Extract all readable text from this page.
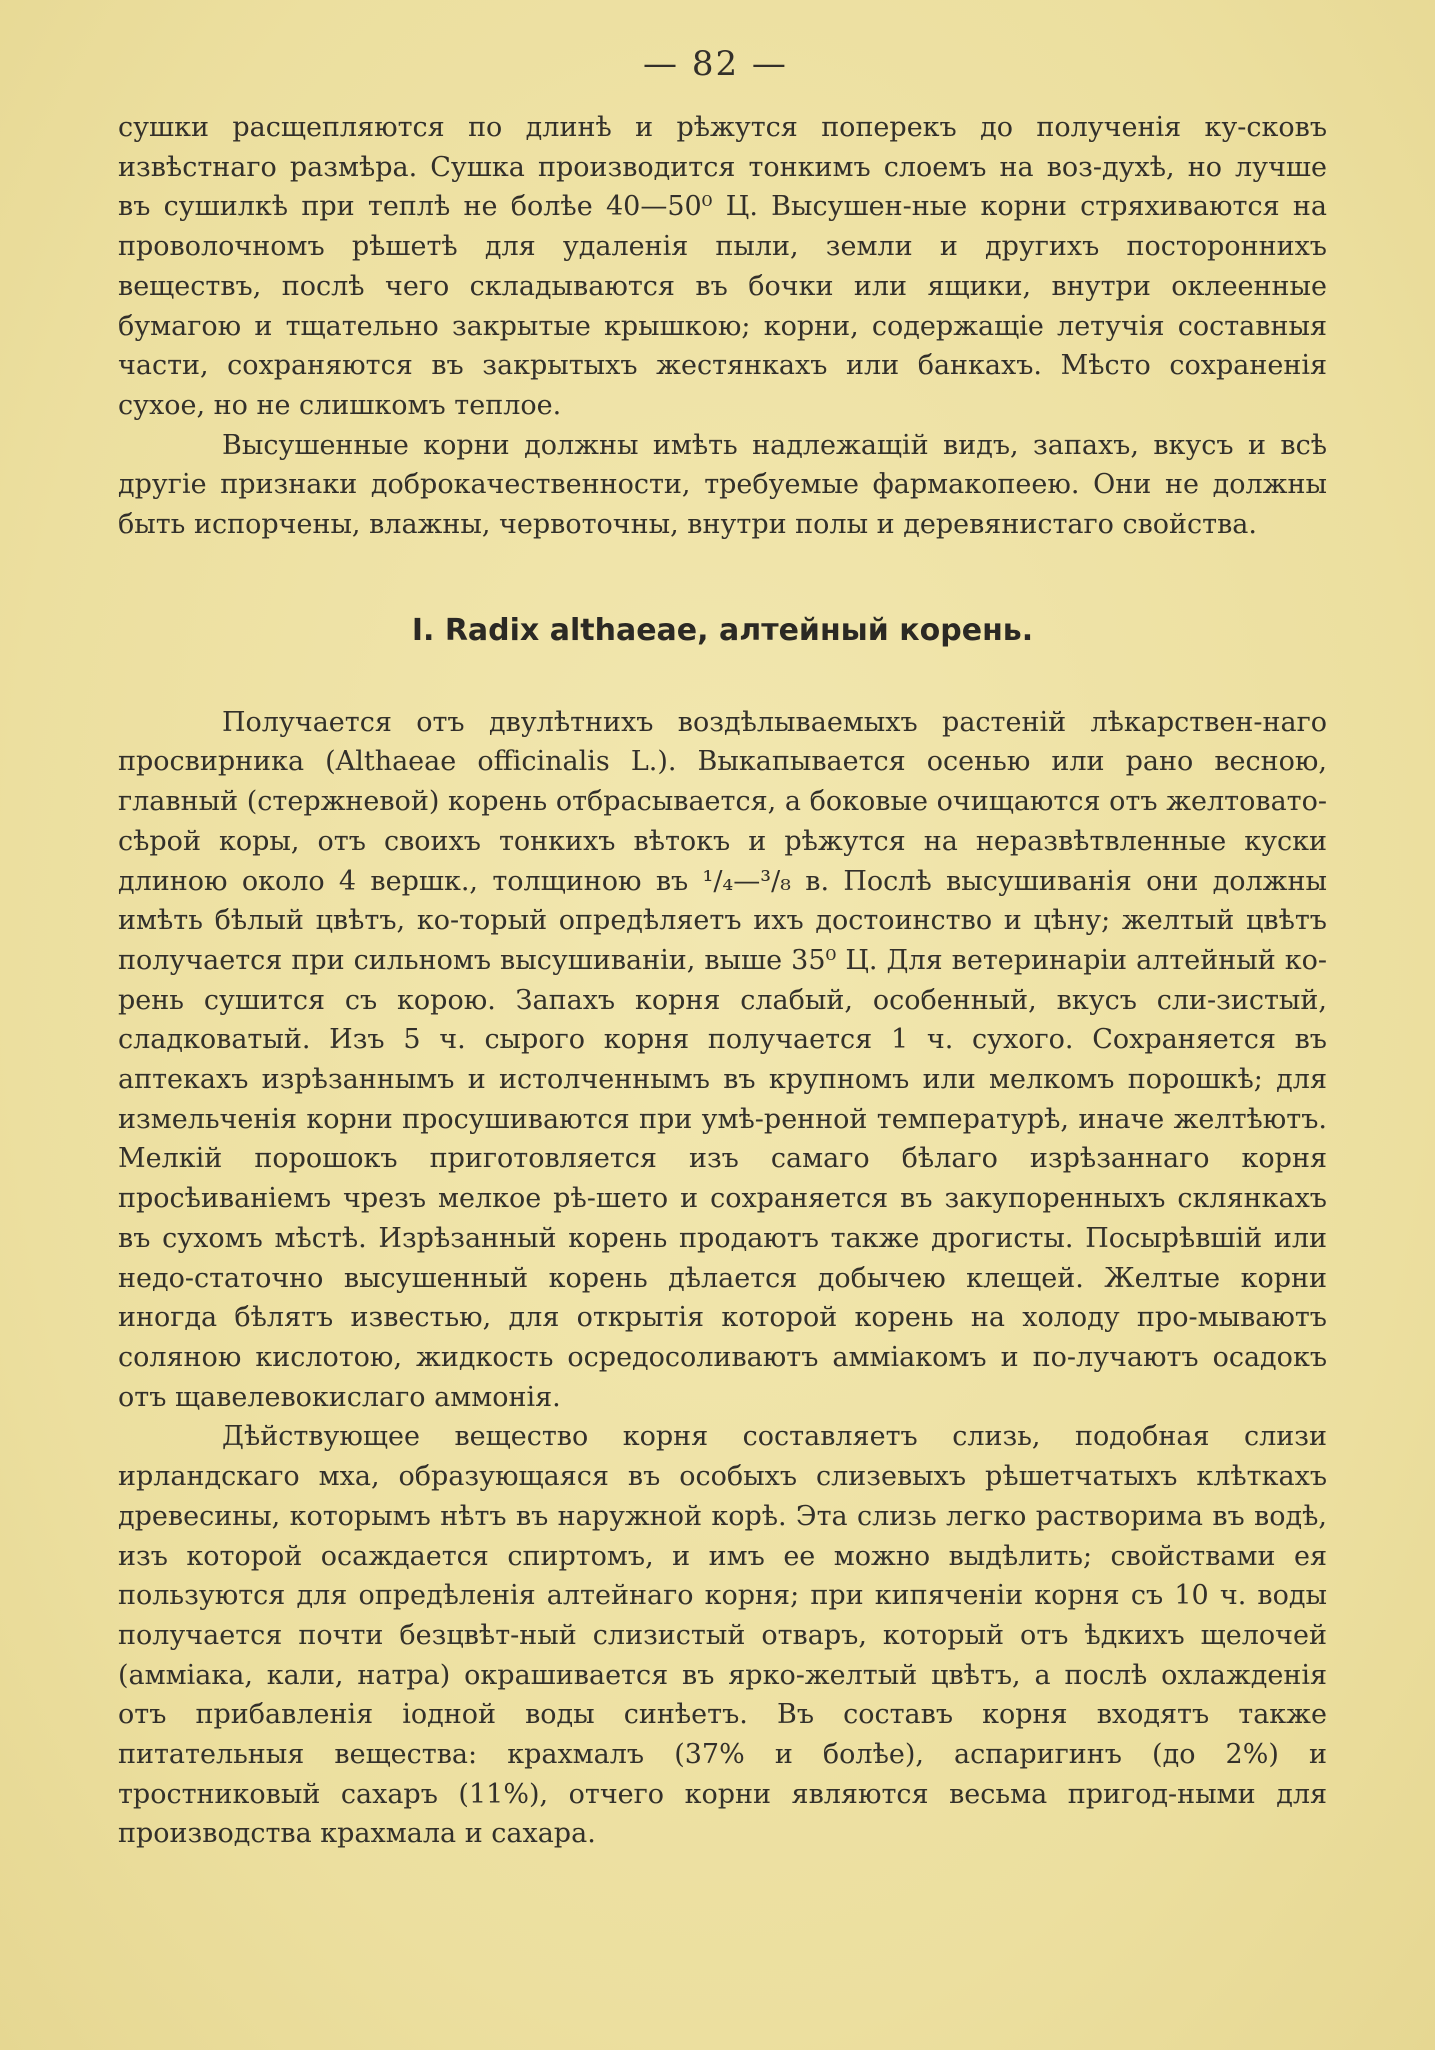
— 82 —

сушки расщепляются по длинѣ и рѣжутся поперекъ до полученія ку-сковъ извѣстнаго размѣра. Сушка производится тонкимъ слоемъ на воз-духѣ, но лучше въ сушилкѣ при теплѣ не болѣе 40—50⁰ Ц. Высушен-ные корни стряхиваются на проволочномъ рѣшетѣ для удаленія пыли, земли и другихъ постороннихъ веществъ, послѣ чего складываются въ бочки или ящики, внутри оклеенные бумагою и тщательно закрытые крышкою; корни, содержащіе летучія составныя части, сохраняются въ закрытыхъ жестянкахъ или банкахъ. Мѣсто сохраненія сухое, но не слишкомъ теплое.

Высушенные корни должны имѣть надлежащій видъ, запахъ, вкусъ и всѣ другіе признаки доброкачественности, требуемые фармакопеею. Они не должны быть испорчены, влажны, червоточны, внутри полы и деревянистаго свойства.

I. Radix althaeae, алтейный корень.

Получается отъ двулѣтнихъ воздѣлываемыхъ растеній лѣкарствен-наго просвирника (Althaeae officinalis L.). Выкапывается осенью или рано весною, главный (стержневой) корень отбрасывается, а боковые очищаются отъ желтовато-сѣрой коры, отъ своихъ тонкихъ вѣтокъ и рѣжутся на неразвѣтвленные куски длиною около 4 вершк., толщиною въ ¹/₄—³/₈ в. Послѣ высушиванія они должны имѣть бѣлый цвѣтъ, ко-торый опредѣляетъ ихъ достоинство и цѣну; желтый цвѣтъ получается при сильномъ высушиваніи, выше 35⁰ Ц. Для ветеринаріи алтейный ко-рень сушится съ корою. Запахъ корня слабый, особенный, вкусъ сли-зистый, сладковатый. Изъ 5 ч. сырого корня получается 1 ч. сухого. Сохраняется въ аптекахъ изрѣзаннымъ и истолченнымъ въ крупномъ или мелкомъ порошкѣ; для измельченія корни просушиваются при умѣ-ренной температурѣ, иначе желтѣютъ. Мелкій порошокъ приготовляется изъ самаго бѣлаго изрѣзаннаго корня просѣиваніемъ чрезъ мелкое рѣ-шето и сохраняется въ закупоренныхъ склянкахъ въ сухомъ мѣстѣ. Изрѣзанный корень продаютъ также дрогисты. Посырѣвшій или недо-статочно высушенный корень дѣлается добычею клещей. Желтые корни иногда бѣлятъ известью, для открытія которой корень на холоду про-мываютъ соляною кислотою, жидкость осредосоливаютъ аммiакомъ и по-лучаютъ осадокъ отъ щавелевокислаго аммонія.

Дѣйствующее вещество корня составляетъ слизь, подобная слизи ирландскаго мха, образующаяся въ особыхъ слизевыхъ рѣшетчатыхъ клѣткахъ древесины, которымъ нѣтъ въ наружной корѣ. Эта слизь легко растворима въ водѣ, изъ которой осаждается спиртомъ, и имъ ее можно выдѣлить; свойствами ея пользуются для опредѣленія алтейнаго корня; при кипяченіи корня съ 10 ч. воды получается почти безцвѣт-ный слизистый отваръ, который отъ ѣдкихъ щелочей (аммiака, кали, натра) окрашивается въ ярко-желтый цвѣтъ, а послѣ охлажденія отъ прибавленія іодной воды синѣетъ. Въ составъ корня входятъ также питательныя вещества: крахмалъ (37% и болѣе), аспаригинъ (до 2%) и тростниковый сахаръ (11%), отчего корни являются весьма пригод-ными для производства крахмала и сахара.
